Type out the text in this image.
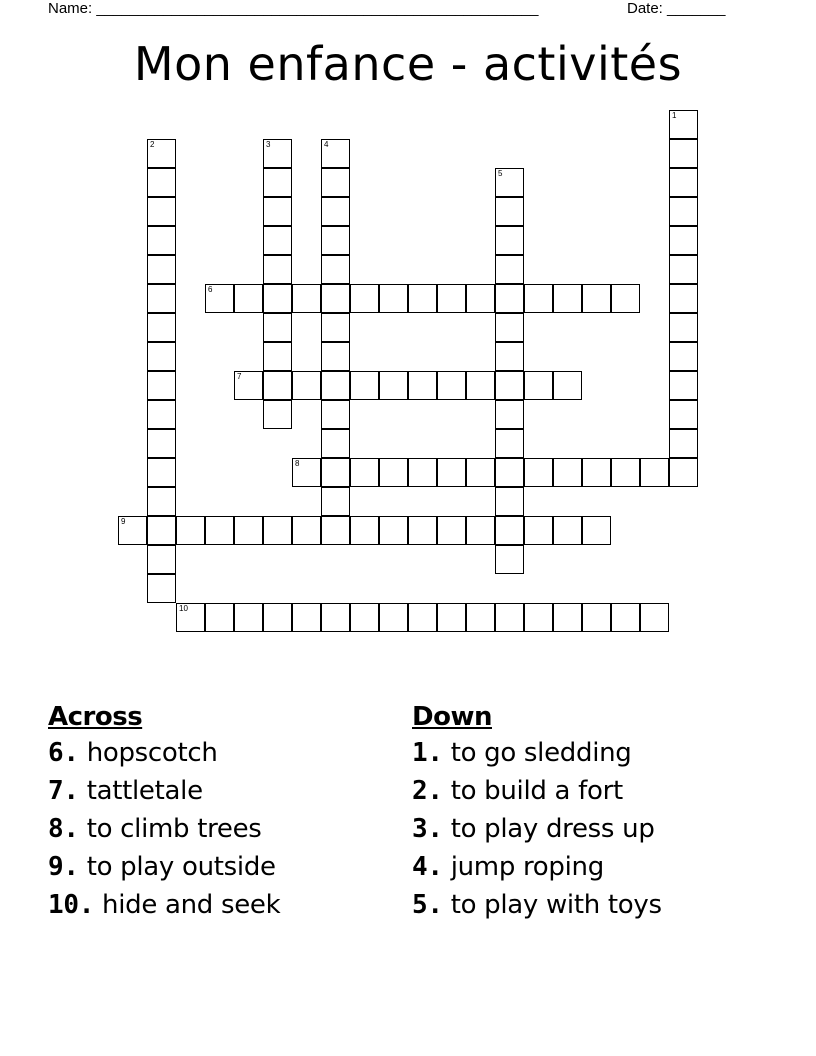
Name: _____________________________________________________	Date: _______
Mon enfance - activités
1
2	3	4
5
6
7
8
9
10
Across
6. hopscotch
7. tattletale
8. to climb trees
9. to play outside
10. hide and seek
Down
1. to go sledding
2. to build a fort
3. to play dress up
4. jump roping
5. to play with toys
